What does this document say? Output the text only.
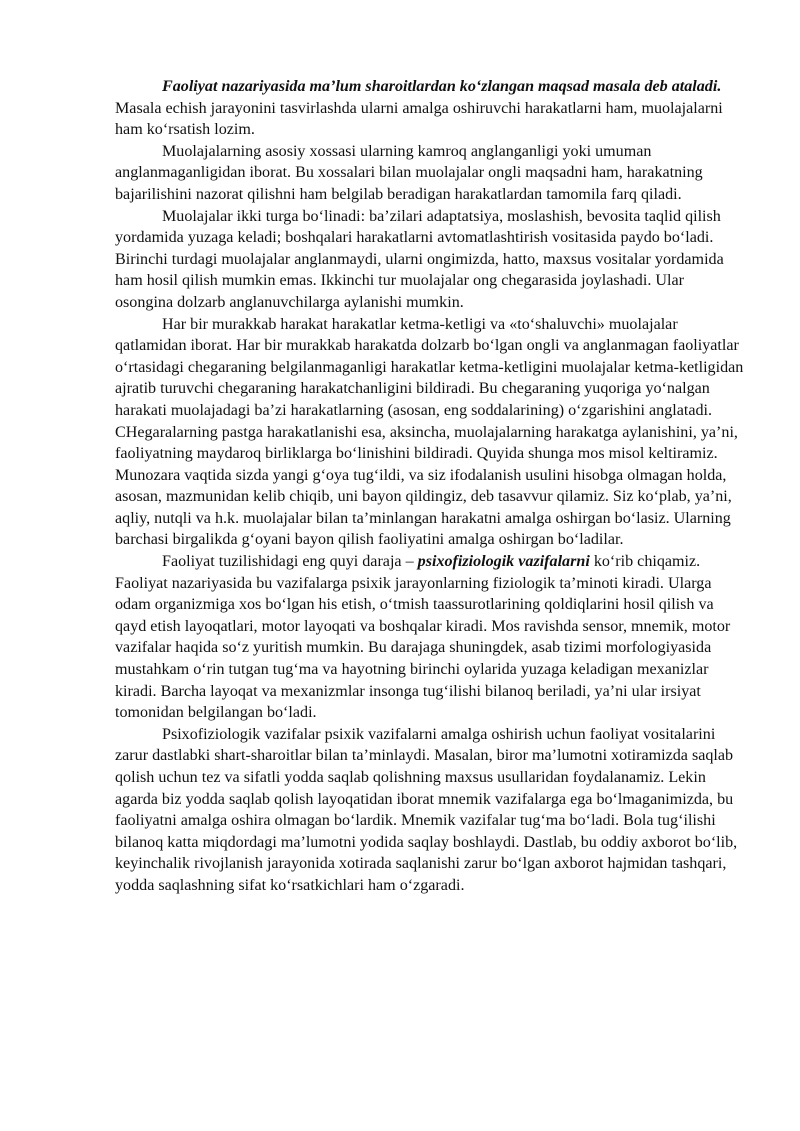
Faoliyat nazariyasida ma’lum sharoitlardan ko‘zlangan maqsad masala deb ataladi. Masala echish jarayonini tasvirlashda ularni amalga oshiruvchi harakatlarni ham, muolajalarni ham ko‘rsatish lozim.

Muolajalarning asosiy xossasi ularning kamroq anglanganligi yoki umuman anglanmaganligidan iborat. Bu xossalari bilan muolajalar ongli maqsadni ham, harakatning bajarilishini nazorat qilishni ham belgilab beradigan harakatlardan tamomila farq qiladi.

Muolajalar ikki turga bo‘linadi: ba’zilari adaptatsiya, moslashish, bevosita taqlid qilish yordamida yuzaga keladi; boshqalari harakatlarni avtomatlashtirish vositasida paydo bo‘ladi. Birinchi turdagi muolajalar anglanmaydi, ularni ongimizda, hatto, maxsus vositalar yordamida ham hosil qilish mumkin emas. Ikkinchi tur muolajalar ong chegarasida joylashadi. Ular osongina dolzarb anglanuvchilarga aylanishi mumkin.

Har bir murakkab harakat harakatlar ketma-ketligi va «to‘shaluvchi» muolajalar qatlamidan iborat. Har bir murakkab harakatda dolzarb bo‘lgan ongli va anglanmagan faoliyatlar o‘rtasidagi chegaraning belgilanmaganligi harakatlar ketma-ketligini muolajalar ketma-ketligidan ajratib turuvchi chegaraning harakatchanligini bildiradi. Bu chegaraning yuqoriga yo‘nalgan harakati muolajadagi ba’zi harakatlarning (asosan, eng soddalarining) o‘zgarishini anglatadi. CHegaralarning pastga harakatlanishi esa, aksincha, muolajalarning harakatga aylanishini, ya’ni, faoliyatning maydaroq birliklarga bo‘linishini bildiradi. Quyida shunga mos misol keltiramiz. Munozara vaqtida sizda yangi g‘oya tug‘ildi, va siz ifodalanish usulini hisobga olmagan holda, asosan, mazmunidan kelib chiqib, uni bayon qildingiz, deb tasavvur qilamiz. Siz ko‘plab, ya’ni, aqliy, nutqli va h.k. muolajalar bilan ta’minlangan harakatni amalga oshirgan bo‘lasiz. Ularning barchasi birgalikda g‘oyani bayon qilish faoliyatini amalga oshirgan bo‘ladilar.

Faoliyat tuzilishidagi eng quyi daraja – psixofiziologik vazifalarni ko‘rib chiqamiz. Faoliyat nazariyasida bu vazifalarga psixik jarayonlarning fiziologik ta’minoti kiradi. Ularga odam organizmiga xos bo‘lgan his etish, o‘tmish taassurotlarining qoldiqlarini hosil qilish va qayd etish layoqatlari, motor layoqati va boshqalar kiradi. Mos ravishda sensor, mnemik, motor vazifalar haqida so‘z yuritish mumkin. Bu darajaga shuningdek, asab tizimi morfologiyasida mustahkam o‘rin tutgan tug‘ma va hayotning birinchi oylarida yuzaga keladigan mexanizlar kiradi. Barcha layoqat va mexanizmlar insonga tug‘ilishi bilanoq beriladi, ya’ni ular irsiyat tomonidan belgilangan bo‘ladi.

Psixofiziologik vazifalar psixik vazifalarni amalga oshirish uchun faoliyat vositalarini zarur dastlabki shart-sharoitlar bilan ta’minlaydi. Masalan, biror ma’lumotni xotiramizda saqlab qolish uchun tez va sifatli yodda saqlab qolishning maxsus usullaridan foydalanamiz. Lekin agarda biz yodda saqlab qolish layoqatidan iborat mnemik vazifalarga ega bo‘lmaganimizda, bu faoliyatni amalga oshira olmagan bo‘lardik. Mnemik vazifalar tug‘ma bo‘ladi. Bola tug‘ilishi bilanoq katta miqdordagi ma’lumotni yodida saqlay boshlaydi. Dastlab, bu oddiy axborot bo‘lib, keyinchalik rivojlanish jarayonida xotirada saqlanishi zarur bo‘lgan axborot hajmidan tashqari, yodda saqlashning sifat ko‘rsatkichlari ham o‘zgaradi.
